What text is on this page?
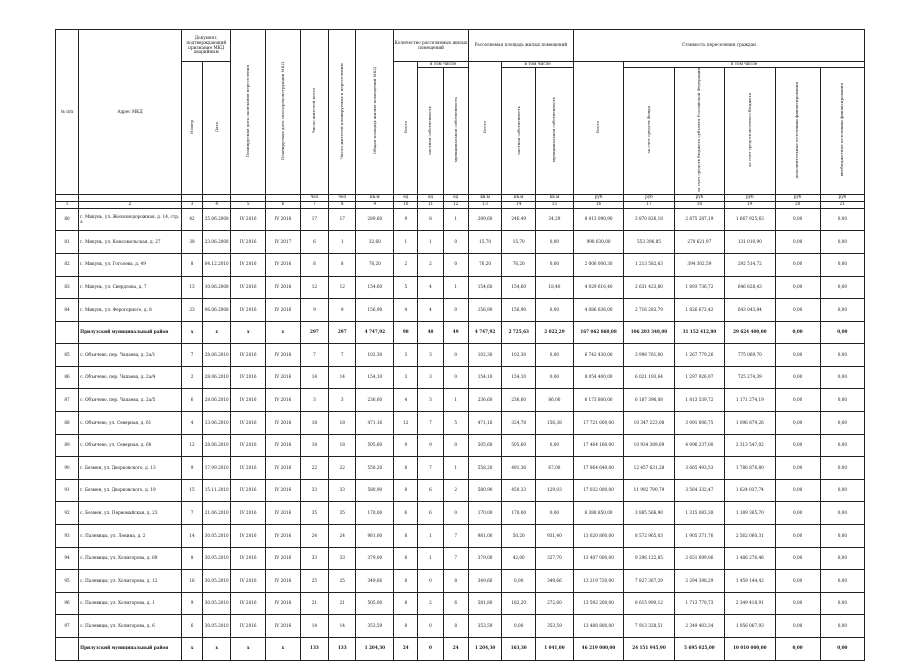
№ п/п	Адрес МКД	Документ, подтверждающий признание МКД аварийным		Планируемая дата окончания переселения	Планируемая дата сноса/реконструкции МКД	Число жителей всего	Число жителей планируемых к переселению	Общая площадь жилых помещений МКД	Количество расселяемых жилых помещений			Расселяемая площадь жилых помещений			Стоимость переселения граждан					

		Номер	Дата						Всего	в том числе		Всего	в том числе		Всего	в том числе				
										частная собственность	муниципальная собственность		частная собственность	муниципальная собственность		за счет средств Фонда	за счет средств бюджета субъекта Российской Федерации	за счет средств местного бюджета	дополнительные источники финансирования	внебюджетные источники финансирования
						чел	чел	кв.м	ед	ед	ед	кв.м	кв.м	кв.м	руб	руб	руб	руб	руб	руб
1	2	3	4	5	6	7	8	9	10	11	12	13	14	15	16	17	18	19	20	21
80	г. Микунь, ул. Железнодорожная, д. 14, стр. а	42	25.06.2008	IV 2016	IV 2016	17	17	289,60	9	8	1	289,60	246,49	34,29	8 413 090,90	3 870 826,18	2 875 287,19	1 667 925,63	0,00	0,00
81	г. Микунь, ул. Комсомольская, д. 27	38	23.06.2008	IV 2016	IV 2017	6	1	32,60	1	1	0	15,70	15,70	0,00	998 630,00	553 396,85	270 621,97	131 010,90	0,00	0,00
82	г. Микунь, ул. Гоголева, д. 49	8	04.12.2010	IV 2016	IV 2016	8	8	76,20	2	2	0	76,20	76,20	0,00	2 006 000,30	1 213 582,63	394 302,59	292 514,72	0,00	0,00
83	г. Микунь, ул. Свердлова, д. 7	13	10.06.2008	IV 2016	IV 2016	12	12	154,60	5	4	1	154,60	154,60	18,40	4 029 616,40	2 631 423,80	1 893 736,72	646 828,43	0,00	0,00
84	г. Микунь, ул. Ферогорного, д. 8	23	06.06.2008	IV 2016	IV 2016	9	9	156,90	4	4	0	156,90	156,90	0,00	4 086 636,00	2 716 283,79	1 826 672,42	643 043,84	0,00	0,00
	Прилузский муниципальный район	x	x	x	x	297	297	4 747,92	98	48	49	4 747,92	2 725,63	2 022,29	167 062 860,08	106 203 348,00	31 152 412,80	29 624 400,00	0,00	0,00
85	с. Объячево, пер. Чапаева, д. 2а/1	7	28.06.2010	IV 2016	IV 2016	7	7	102,30	3	3	0	102,30	102,30	0,00	6 742 430,00	3 998 761,00	1 267 779,26	775 069,70	0,00	0,00
86	с. Объячево, пер. Чапаева, д. 2а/4	2	28.06.2010	IV 2016	IV 2016	14	14	154,10	3	3	0	154,10	154,10	0,00	8 054 400,00	6 021 193,64	1 297 926,97	725 274,39	0,00	0,00
87	с. Объячево, пер. Чапаева, д. 2а/5	6	28.06.2010	IV 2016	IV 2016	3	3	236,60	4	3	1	236,60	236,60	86,00	6 173 800,00	6 187 396,08	1 813 539,72	1 171 274,19	0,00	0,00
88	с. Объячево, ул. Северная, д. 61	4	13.06.2010	IV 2016	IV 2016	18	18	471,16	12	7	5	471,16	324,78	156,38	17 721 000,00	10 347 223,08	3 091 006,75	1 096 879,26	0,00	0,00
89	с. Объячево, ул. Северная, д. 68	12	28.06.2010	IV 2016	IV 2016	18	18	505,60	9	9	0	505,60	505,60	0,00	17 464 160,00	10 934 389,69	4 096 237,00	2 313 547,02	0,00	0,00
90	г. Безмен, ул. Дворковского, д. 13	9	17.09.2010	IV 2016	IV 2016	22	22	558,20	8	7	1	558,20	491,36	67,00	17 864 640,00	12 457 631,28	3 665 493,53	1 786 876,80	0,00	0,00
91	г. Безмен, ул. Дворковского, д. 19	15	15.11.2010	IV 2016	IV 2016	33	33	580,90	8	6	2	580,90	450,33	129,03	17 032 000,00	11 992 790,79	3 564 332,47	1 624 037,74	0,00	0,00
92	с. Безмен, ул. Первомайская, д. 23	7	21.06.2010	IV 2016	IV 2016	35	35	170,00	6	6	0	170,00	170,00	0,00	6 388 850,00	3 885 566,90	1 315 083,38	1 189 365,70	0,00	0,00
93	с. Палевицы, ул. Ленина, д. 2	14	30.05.2010	IV 2016	IV 2016	24	24	981,00	8	1	7	981,00	50,20	931,40	13 620 800,00	8 572 965,03	1 905 371,76	2 562 060,31	0,00	0,00
94	с. Палевицы, ул. Холмгорова, д. 69	8	30.05.2010	IV 2016	IV 2016	33	33	379,00	8	1	7	379,00	42,00	327,70	13 407 000,00	9 296 122,85	2 651 699,06	1 486 276,46	0,00	0,00
95	с. Палевицы, ул. Холмгорова, д. 12	16	30.05.2010	IV 2016	IV 2016	25	25	349,66	8	0	8	349,66	0,00	349,66	13 219 720,00	7 827 367,29	2 294 398,29	1 459 144,42	0,00	0,00
96	с. Палевицы, ул. Холмгорова, д. 1	9	30.05.2010	IV 2016	IV 2016	21	21	505,00	8	2	6	581,80	182,20	272,60	13 592 200,00	8 615 990,12	1 713 770,73	2 349 418,91	0,00	0,00
97	с. Палевицы, ул. Холмгорова, д. 6	6	30.05.2010	IV 2016	IV 2016	14	14	353,59	8	0	8	353,59	0,00	353,59	13 488 800,00	7 913 328,51	2 349 403,34	1 956 067,93	0,00	0,00
	Прилузский муниципальный район	x	x	x	x	133	133	1 204,30	24	0	24	1 204,30	163,30	1 041,00	46 219 000,00	24 151 945,90	5 695 025,00	10 010 000,00	0,00	0,00
